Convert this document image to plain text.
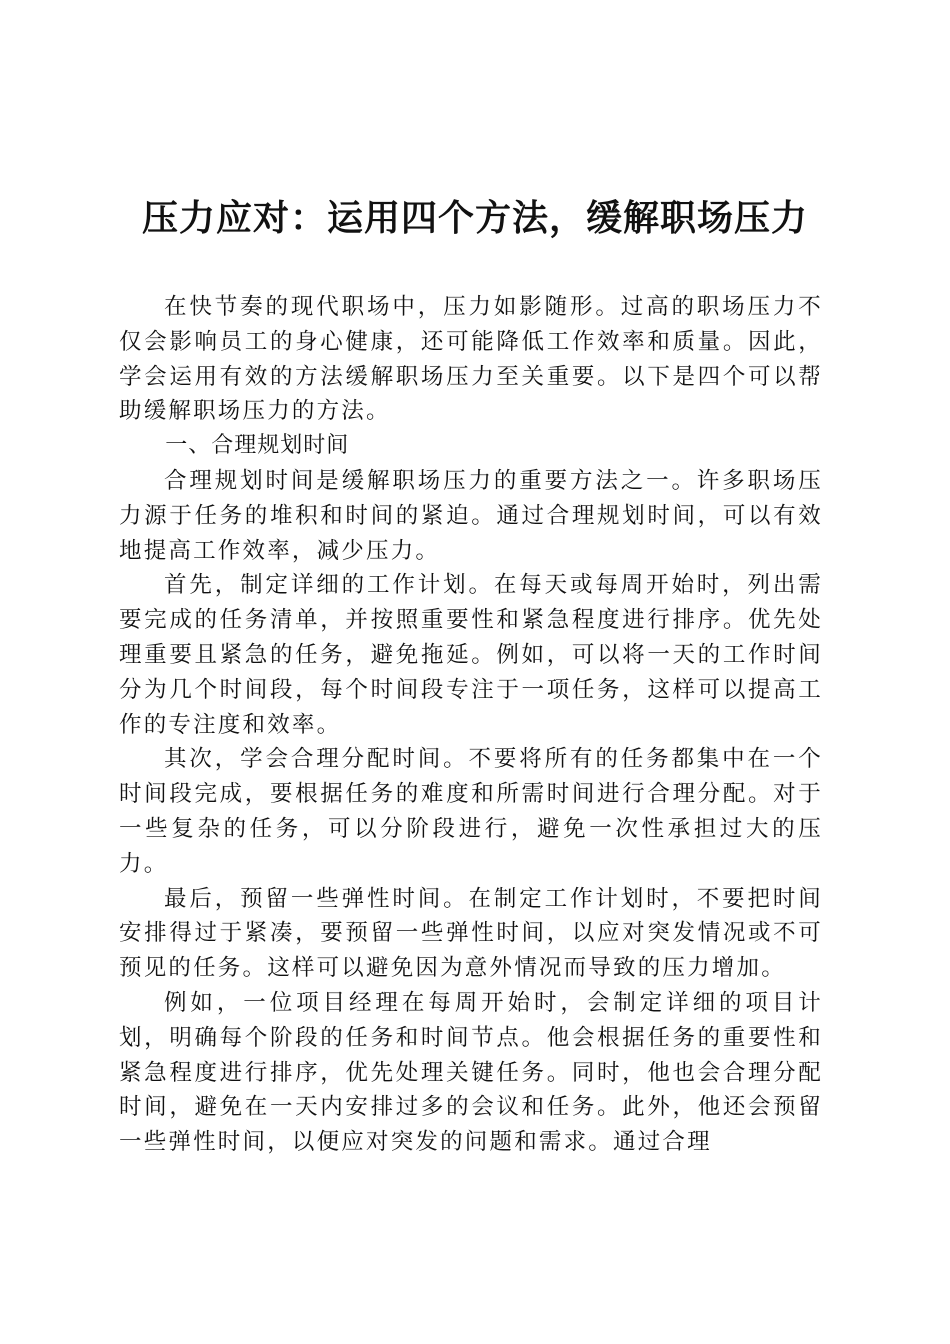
压力应对：运用四个方法，缓解职场压力

在快节奏的现代职场中，压力如影随形。过高的职场压力不仅会影响员工的身心健康，还可能降低工作效率和质量。因此，学会运用有效的方法缓解职场压力至关重要。以下是四个可以帮助缓解职场压力的方法。

一、合理规划时间

合理规划时间是缓解职场压力的重要方法之一。许多职场压力源于任务的堆积和时间的紧迫。通过合理规划时间，可以有效地提高工作效率，减少压力。

首先，制定详细的工作计划。在每天或每周开始时，列出需要完成的任务清单，并按照重要性和紧急程度进行排序。优先处理重要且紧急的任务，避免拖延。例如，可以将一天的工作时间分为几个时间段，每个时间段专注于一项任务，这样可以提高工作的专注度和效率。

其次，学会合理分配时间。不要将所有的任务都集中在一个时间段完成，要根据任务的难度和所需时间进行合理分配。对于一些复杂的任务，可以分阶段进行，避免一次性承担过大的压力。

最后，预留一些弹性时间。在制定工作计划时，不要把时间安排得过于紧凑，要预留一些弹性时间，以应对突发情况或不可预见的任务。这样可以避免因为意外情况而导致的压力增加。

例如，一位项目经理在每周开始时，会制定详细的项目计划，明确每个阶段的任务和时间节点。他会根据任务的重要性和紧急程度进行排序，优先处理关键任务。同时，他也会合理分配时间，避免在一天内安排过多的会议和任务。此外，他还会预留一些弹性时间，以便应对突发的问题和需求。通过合理
